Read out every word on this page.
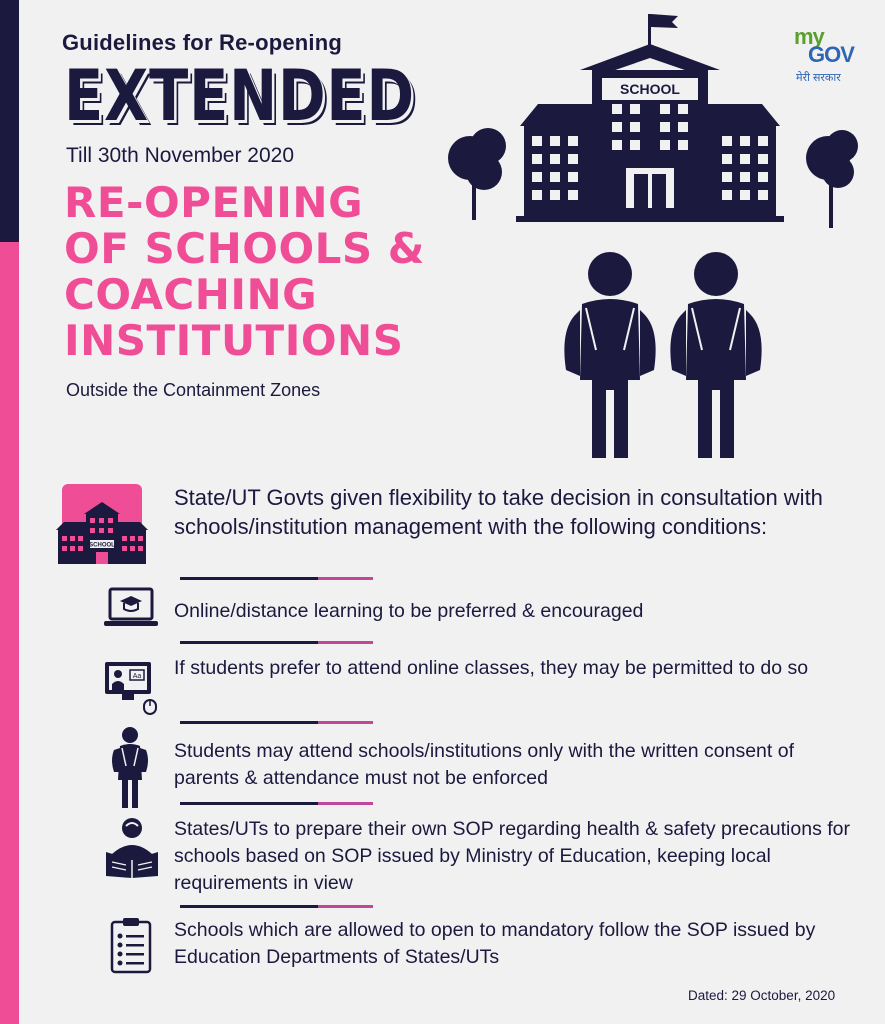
Guidelines for Re-opening
EXTENDED
Till 30th November 2020
RE-OPENING
OF SCHOOLS &
COACHING
INSTITUTIONS
Outside the Containment Zones
my
GOV
मेरी सरकार
SCHOOL
SCHOOL
State/UT Govts given flexibility to take decision in consultation with schools/institution management with the following conditions:
Online/distance learning to be preferred & encouraged
Aa If students prefer to attend online classes, they may be permitted to do so
Students may attend schools/institutions only with the written consent of parents & attendance must not be enforced
States/UTs to prepare their own SOP regarding health & safety precautions for schools based on SOP issued by Ministry of Education, keeping local requirements in view
Schools which are allowed to open to mandatory follow the SOP issued by Education Departments of States/UTs
Dated: 29 October, 2020
